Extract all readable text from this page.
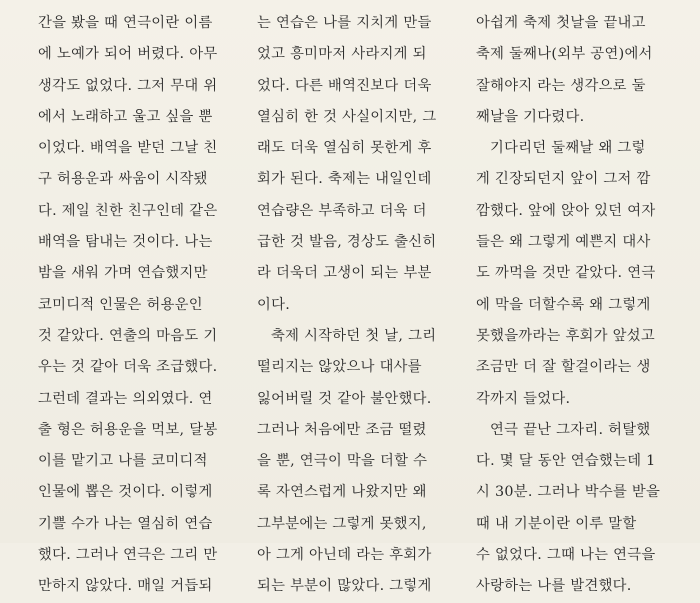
간을 봤을 때 연극이란 이름
에 노예가 되어 버렸다. 아무
생각도 없었다. 그저 무대 위
에서 노래하고 울고 싶을 뿐
이었다. 배역을 받던 그날 친
구 허용운과 싸움이 시작됐
다. 제일 친한 친구인데 같은
배역을 탐내는 것이다. 나는
밤을 새워 가며 연습했지만
코미디적 인물은 허용운인
것 같았다. 연출의 마음도 기
우는 것 같아 더욱 조급했다.
그런데 결과는 의외였다. 연
출 형은 허용운을 먹보, 달봉
이를 맡기고 나를 코미디적
인물에 뽑은 것이다. 이렇게
기쁠 수가 나는 열심히 연습
했다. 그러나 연극은 그리 만
만하지 않았다. 매일 거듭되
는 연습은 나를 지치게 만들
었고 흥미마저 사라지게 되
었다. 다른 배역진보다 더욱
열심히 한 것 사실이지만, 그
래도 더욱 열심히 못한게 후
회가 된다. 축제는 내일인데
연습량은 부족하고 더욱 더
급한 것 발음, 경상도 출신히
라 더욱더 고생이 되는 부분
이다.
축제 시작하던 첫 날, 그리
떨리지는 않았으나 대사를
잃어버릴 것 같아 불안했다.
그러나 처음에만 조금 떨렸
을 뿐, 연극이 막을 더할 수
록 자연스럽게 나왔지만 왜
그부분에는 그렇게 못했지,
아 그게 아닌데 라는 후회가
되는 부분이 많았다. 그렇게
아쉽게 축제 첫날을 끝내고
축제 둘째나(외부 공연)에서
잘해야지 라는 생각으로 둘
째날을 기다렸다.
기다리던 둘째날 왜 그렇
게 긴장되던지 앞이 그저 깜
깜했다. 앞에 앉아 있던 여자
들은 왜 그렇게 예쁜지 대사
도 까먹을 것만 같았다. 연극
에 막을 더할수록 왜 그렇게
못했을까라는 후회가 앞섰고
조금만 더 잘 할걸이라는 생
각까지 들었다.
연극 끝난 그자리. 허탈했
다. 몇 달 동안 연습했는데 1
시 30분. 그러나 박수를 받을
때 내 기분이란 이루 말할
수 없었다. 그때 나는 연극을
사랑하는 나를 발견했다.
